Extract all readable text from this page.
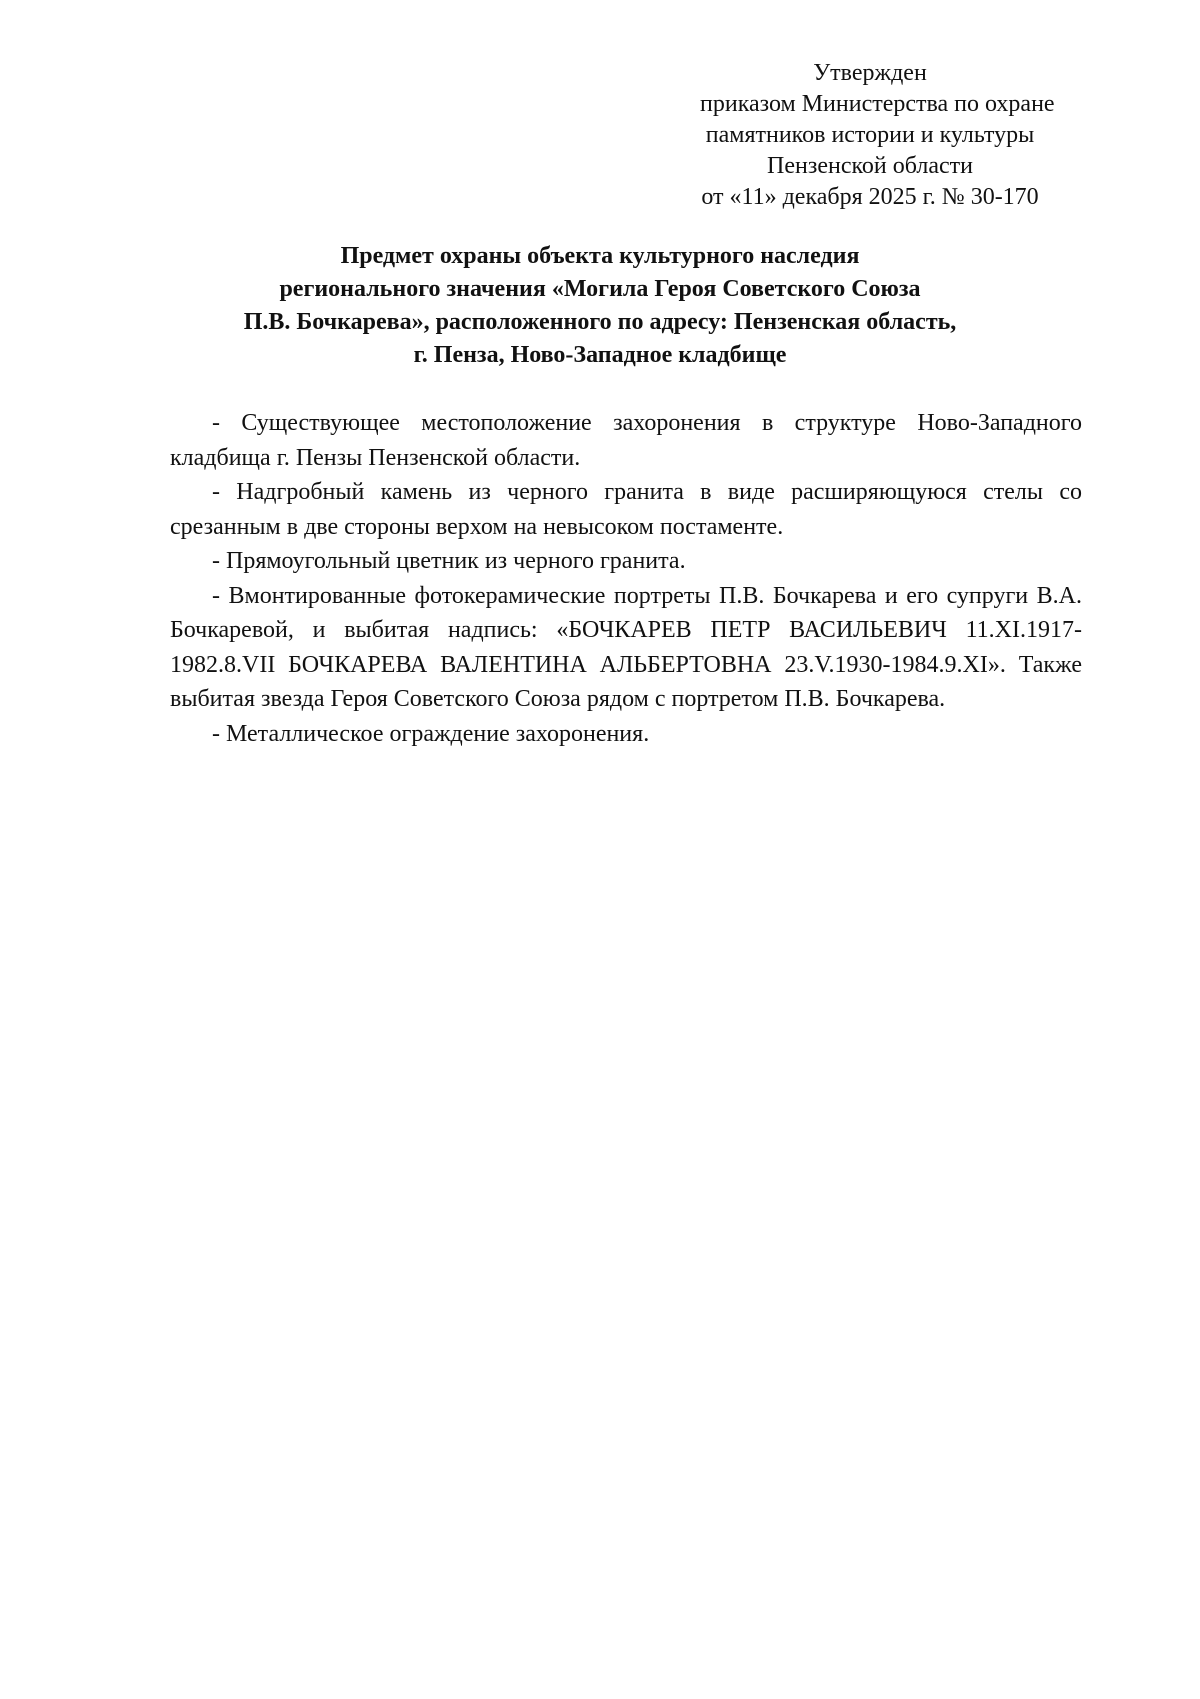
Утвержден
приказом Министерства по охране
памятников истории и культуры
Пензенской области
от «11» декабря 2025 г. № 30-170
Предмет охраны объекта культурного наследия
регионального значения «Могила Героя Советского Союза
П.В. Бочкарева», расположенного по адресу: Пензенская область,
г. Пенза, Ново-Западное кладбище

- Существующее местоположение захоронения в структуре Ново-Западного кладбища г. Пензы Пензенской области.

- Надгробный камень из черного гранита в виде расширяющуюся стелы со срезанным в две стороны верхом на невысоком постаменте.

- Прямоугольный цветник из черного гранита.

- Вмонтированные фотокерамические портреты П.В. Бочкарева и его супруги В.А. Бочкаревой, и выбитая надпись: «БОЧКАРЕВ ПЕТР ВАСИЛЬЕВИЧ 11.XI.1917-1982.8.VII БОЧКАРЕВА ВАЛЕНТИНА АЛЬБЕРТОВНА 23.V.1930-1984.9.XI». Также выбитая звезда Героя Советского Союза рядом с портретом П.В. Бочкарева.

- Металлическое ограждение захоронения.
